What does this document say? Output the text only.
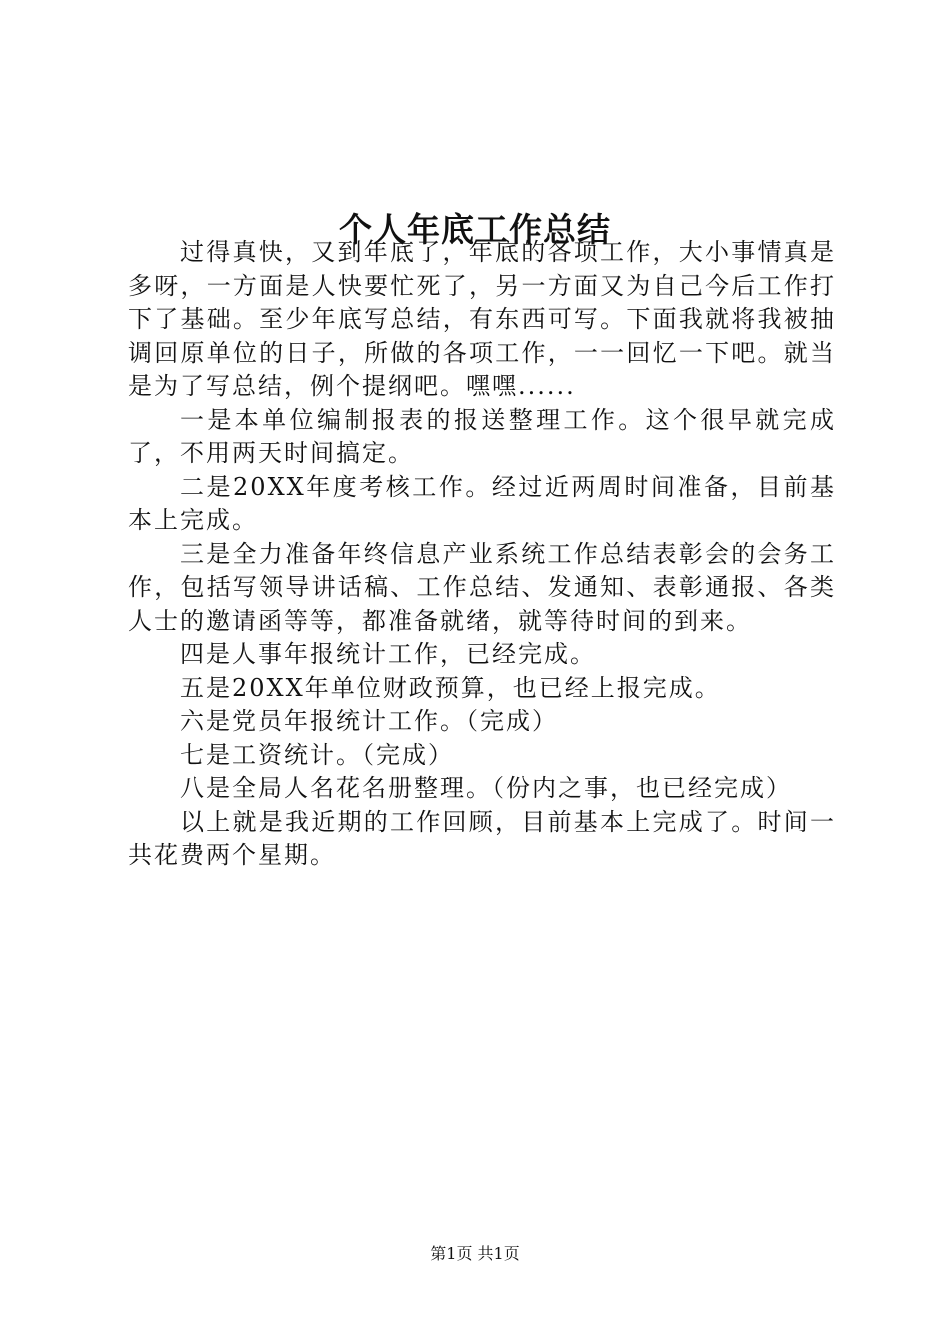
个人年底工作总结

过得真快，又到年底了，年底的各项工作，大小事情真是多呀，一方面是人快要忙死了，另一方面又为自己今后工作打下了基础。至少年底写总结，有东西可写。下面我就将我被抽调回原单位的日子，所做的各项工作，一一回忆一下吧。就当是为了写总结，例个提纲吧。嘿嘿......

一是本单位编制报表的报送整理工作。这个很早就完成了，不用两天时间搞定。

二是20XX年度考核工作。经过近两周时间准备，目前基本上完成。

三是全力准备年终信息产业系统工作总结表彰会的会务工作，包括写领导讲话稿、工作总结、发通知、表彰通报、各类人士的邀请函等等，都准备就绪，就等待时间的到来。

四是人事年报统计工作，已经完成。

五是20XX年单位财政预算，也已经上报完成。

六是党员年报统计工作。（完成）

七是工资统计。（完成）

八是全局人名花名册整理。（份内之事，也已经完成）

以上就是我近期的工作回顾，目前基本上完成了。时间一共花费两个星期。

第1页 共1页
